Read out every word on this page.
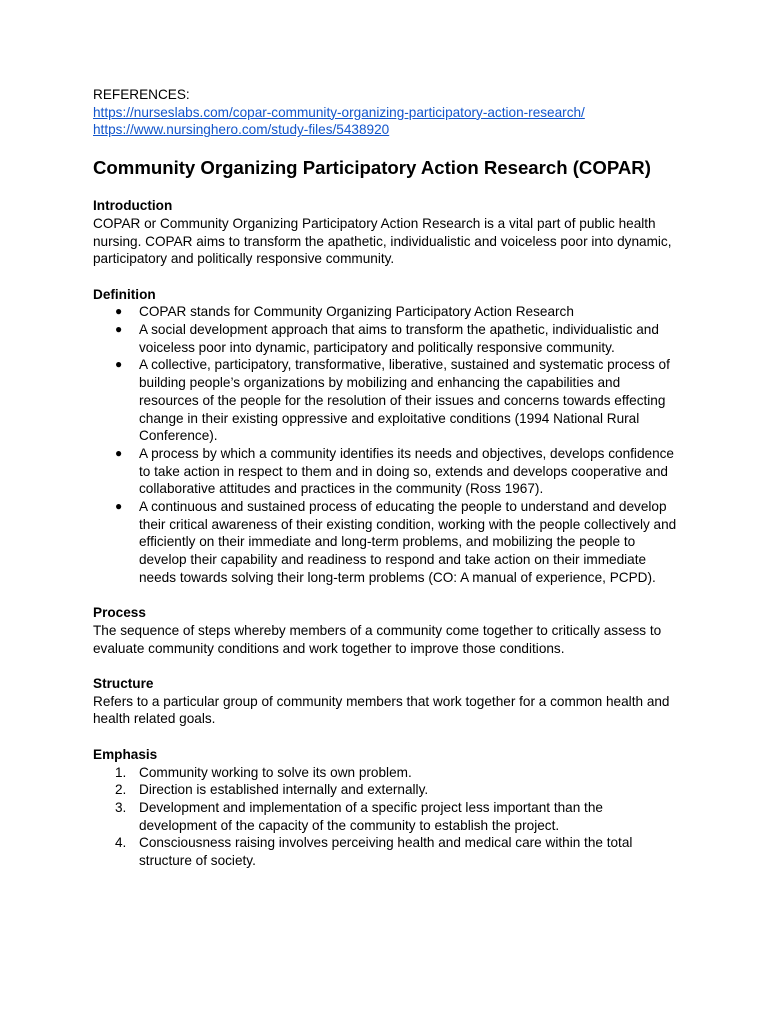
REFERENCES:

https://nurseslabs.com/copar-community-organizing-participatory-action-research/
https://www.nursinghero.com/study-files/5438920
Community Organizing Participatory Action Research (COPAR)
Introduction

COPAR or Community Organizing Participatory Action Research is a vital part of public health nursing. COPAR aims to transform the apathetic, individualistic and voiceless poor into dynamic, participatory and politically responsive community.

Definition
● COPAR stands for Community Organizing Participatory Action Research
● A social development approach that aims to transform the apathetic, individualistic and voiceless poor into dynamic, participatory and politically responsive community.
● A collective, participatory, transformative, liberative, sustained and systematic process of building people’s organizations by mobilizing and enhancing the capabilities and resources of the people for the resolution of their issues and concerns towards effecting change in their existing oppressive and exploitative conditions (1994 National Rural Conference).
● A process by which a community identifies its needs and objectives, develops confidence to take action in respect to them and in doing so, extends and develops cooperative and collaborative attitudes and practices in the community (Ross 1967).
● A continuous and sustained process of educating the people to understand and develop their critical awareness of their existing condition, working with the people collectively and efficiently on their immediate and long-term problems, and mobilizing the people to develop their capability and readiness to respond and take action on their immediate needs towards solving their long-term problems (CO: A manual of experience, PCPD).
Process

The sequence of steps whereby members of a community come together to critically assess to evaluate community conditions and work together to improve those conditions.

Structure

Refers to a particular group of community members that work together for a common health and health related goals.

Emphasis
1. Community working to solve its own problem.
2. Direction is established internally and externally.
3. Development and implementation of a specific project less important than the development of the capacity of the community to establish the project.
4. Consciousness raising involves perceiving health and medical care within the total structure of society.
